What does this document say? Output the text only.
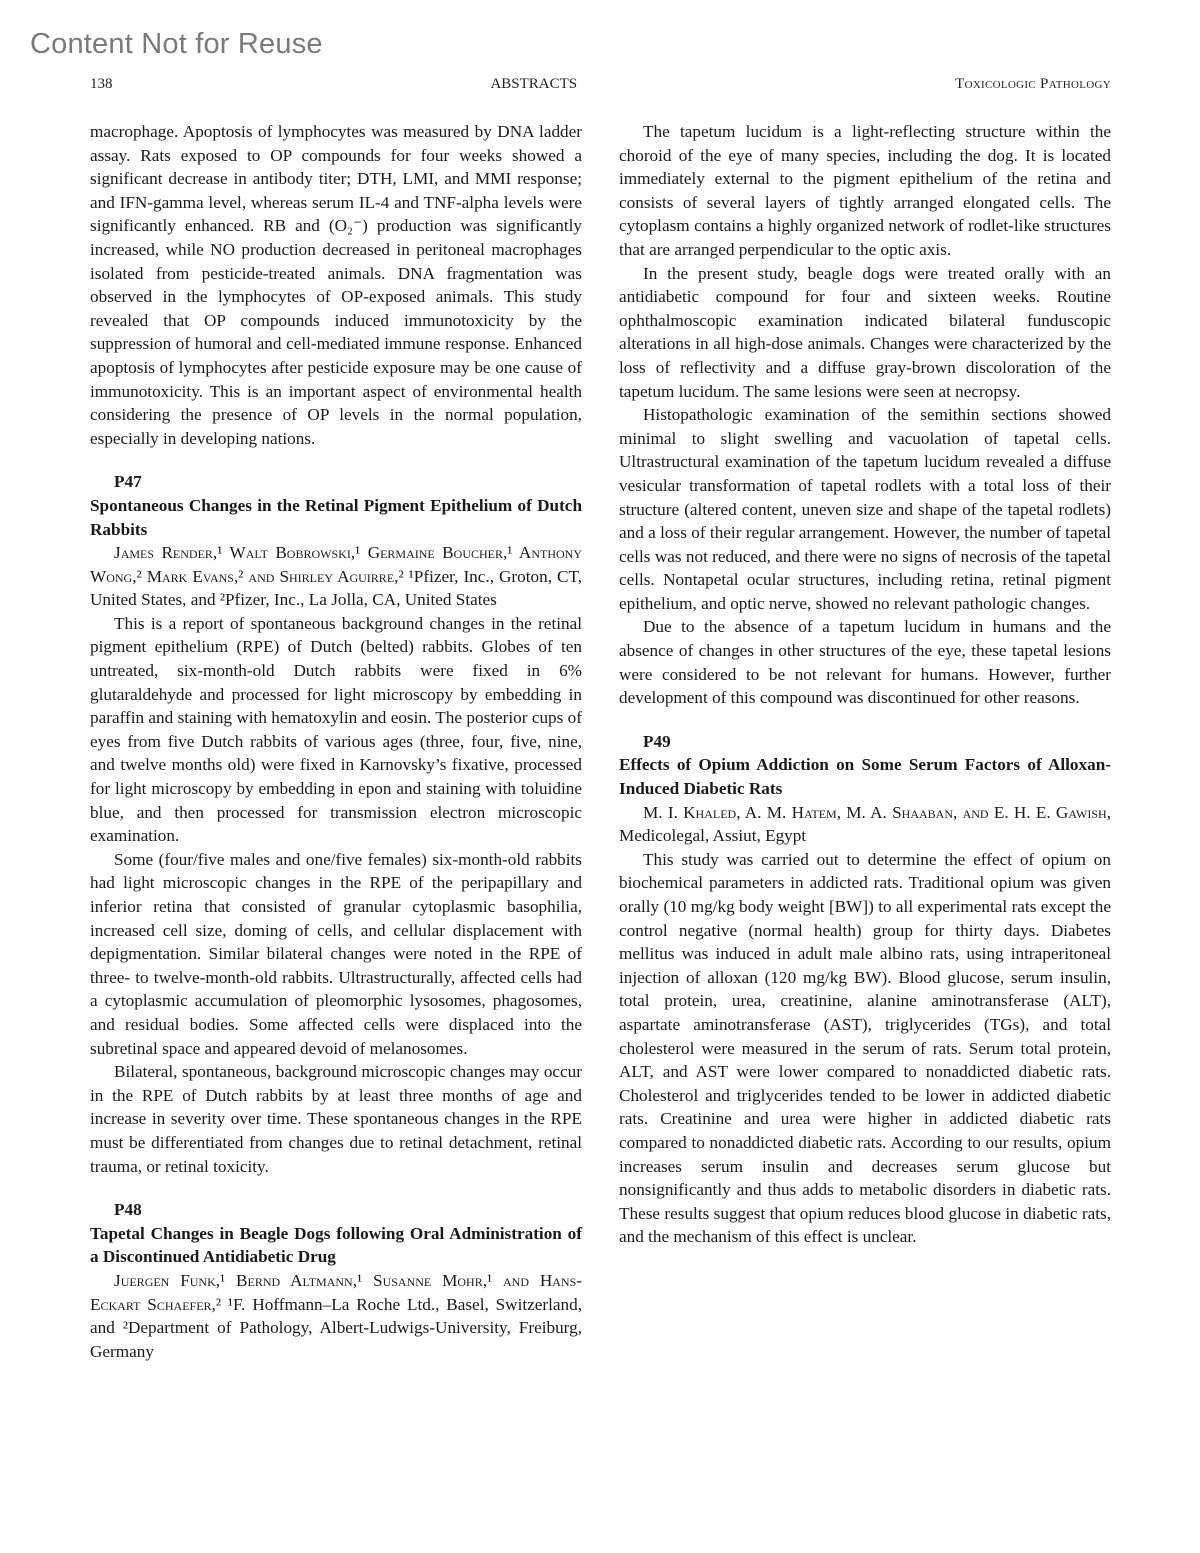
Content Not for Reuse
138	ABSTRACTS	Toxicologic Pathology

macrophage. Apoptosis of lymphocytes was measured by DNA ladder assay. Rats exposed to OP compounds for four weeks showed a significant decrease in antibody titer; DTH, LMI, and MMI response; and IFN-gamma level, whereas serum IL-4 and TNF-alpha levels were significantly enhanced. RB and (O₂⁻) production was significantly increased, while NO production decreased in peritoneal macrophages isolated from pesticide-treated animals. DNA fragmentation was observed in the lymphocytes of OP-exposed animals. This study revealed that OP compounds induced immunotoxicity by the suppression of humoral and cell-mediated immune response. Enhanced apoptosis of lymphocytes after pesticide exposure may be one cause of immunotoxicity. This is an important aspect of environmental health considering the presence of OP levels in the normal population, especially in developing nations.

P47
Spontaneous Changes in the Retinal Pigment Epithelium of Dutch Rabbits

James Render,¹ Walt Bobrowski,¹ Germaine Boucher,¹ Anthony Wong,² Mark Evans,² and Shirley Aguirre,² ¹Pfizer, Inc., Groton, CT, United States, and ²Pfizer, Inc., La Jolla, CA, United States

This is a report of spontaneous background changes in the retinal pigment epithelium (RPE) of Dutch (belted) rabbits. Globes of ten untreated, six-month-old Dutch rabbits were fixed in 6% glutaraldehyde and processed for light microscopy by embedding in paraffin and staining with hematoxylin and eosin. The posterior cups of eyes from five Dutch rabbits of various ages (three, four, five, nine, and twelve months old) were fixed in Karnovsky’s fixative, processed for light microscopy by embedding in epon and staining with toluidine blue, and then processed for transmission electron microscopic examination.

Some (four/five males and one/five females) six-month-old rabbits had light microscopic changes in the RPE of the peripapillary and inferior retina that consisted of granular cytoplasmic basophilia, increased cell size, doming of cells, and cellular displacement with depigmentation. Similar bilateral changes were noted in the RPE of three- to twelve-month-old rabbits. Ultrastructurally, affected cells had a cytoplasmic accumulation of pleomorphic lysosomes, phagosomes, and residual bodies. Some affected cells were displaced into the subretinal space and appeared devoid of melanosomes.

Bilateral, spontaneous, background microscopic changes may occur in the RPE of Dutch rabbits by at least three months of age and increase in severity over time. These spontaneous changes in the RPE must be differentiated from changes due to retinal detachment, retinal trauma, or retinal toxicity.

P48
Tapetal Changes in Beagle Dogs following Oral Administration of a Discontinued Antidiabetic Drug

Juergen Funk,¹ Bernd Altmann,¹ Susanne Mohr,¹ and Hans-Eckart Schaefer,² ¹F. Hoffmann–La Roche Ltd., Basel, Switzerland, and ²Department of Pathology, Albert-Ludwigs-University, Freiburg, Germany

The tapetum lucidum is a light-reflecting structure within the choroid of the eye of many species, including the dog. It is located immediately external to the pigment epithelium of the retina and consists of several layers of tightly arranged elongated cells. The cytoplasm contains a highly organized network of rodlet-like structures that are arranged perpendicular to the optic axis.

In the present study, beagle dogs were treated orally with an antidiabetic compound for four and sixteen weeks. Routine ophthalmoscopic examination indicated bilateral funduscopic alterations in all high-dose animals. Changes were characterized by the loss of reflectivity and a diffuse gray-brown discoloration of the tapetum lucidum. The same lesions were seen at necropsy.

Histopathologic examination of the semithin sections showed minimal to slight swelling and vacuolation of tapetal cells. Ultrastructural examination of the tapetum lucidum revealed a diffuse vesicular transformation of tapetal rodlets with a total loss of their structure (altered content, uneven size and shape of the tapetal rodlets) and a loss of their regular arrangement. However, the number of tapetal cells was not reduced, and there were no signs of necrosis of the tapetal cells. Nontapetal ocular structures, including retina, retinal pigment epithelium, and optic nerve, showed no relevant pathologic changes.

Due to the absence of a tapetum lucidum in humans and the absence of changes in other structures of the eye, these tapetal lesions were considered to be not relevant for humans. However, further development of this compound was discontinued for other reasons.

P49
Effects of Opium Addiction on Some Serum Factors of Alloxan-Induced Diabetic Rats

M. I. Khaled, A. M. Hatem, M. A. Shaaban, and E. H. E. Gawish, Medicolegal, Assiut, Egypt

This study was carried out to determine the effect of opium on biochemical parameters in addicted rats. Traditional opium was given orally (10 mg/kg body weight [BW]) to all experimental rats except the control negative (normal health) group for thirty days. Diabetes mellitus was induced in adult male albino rats, using intraperitoneal injection of alloxan (120 mg/kg BW). Blood glucose, serum insulin, total protein, urea, creatinine, alanine aminotransferase (ALT), aspartate aminotransferase (AST), triglycerides (TGs), and total cholesterol were measured in the serum of rats. Serum total protein, ALT, and AST were lower compared to nonaddicted diabetic rats. Cholesterol and triglycerides tended to be lower in addicted diabetic rats. Creatinine and urea were higher in addicted diabetic rats compared to nonaddicted diabetic rats. According to our results, opium increases serum insulin and decreases serum glucose but nonsignificantly and thus adds to metabolic disorders in diabetic rats. These results suggest that opium reduces blood glucose in diabetic rats, and the mechanism of this effect is unclear.
